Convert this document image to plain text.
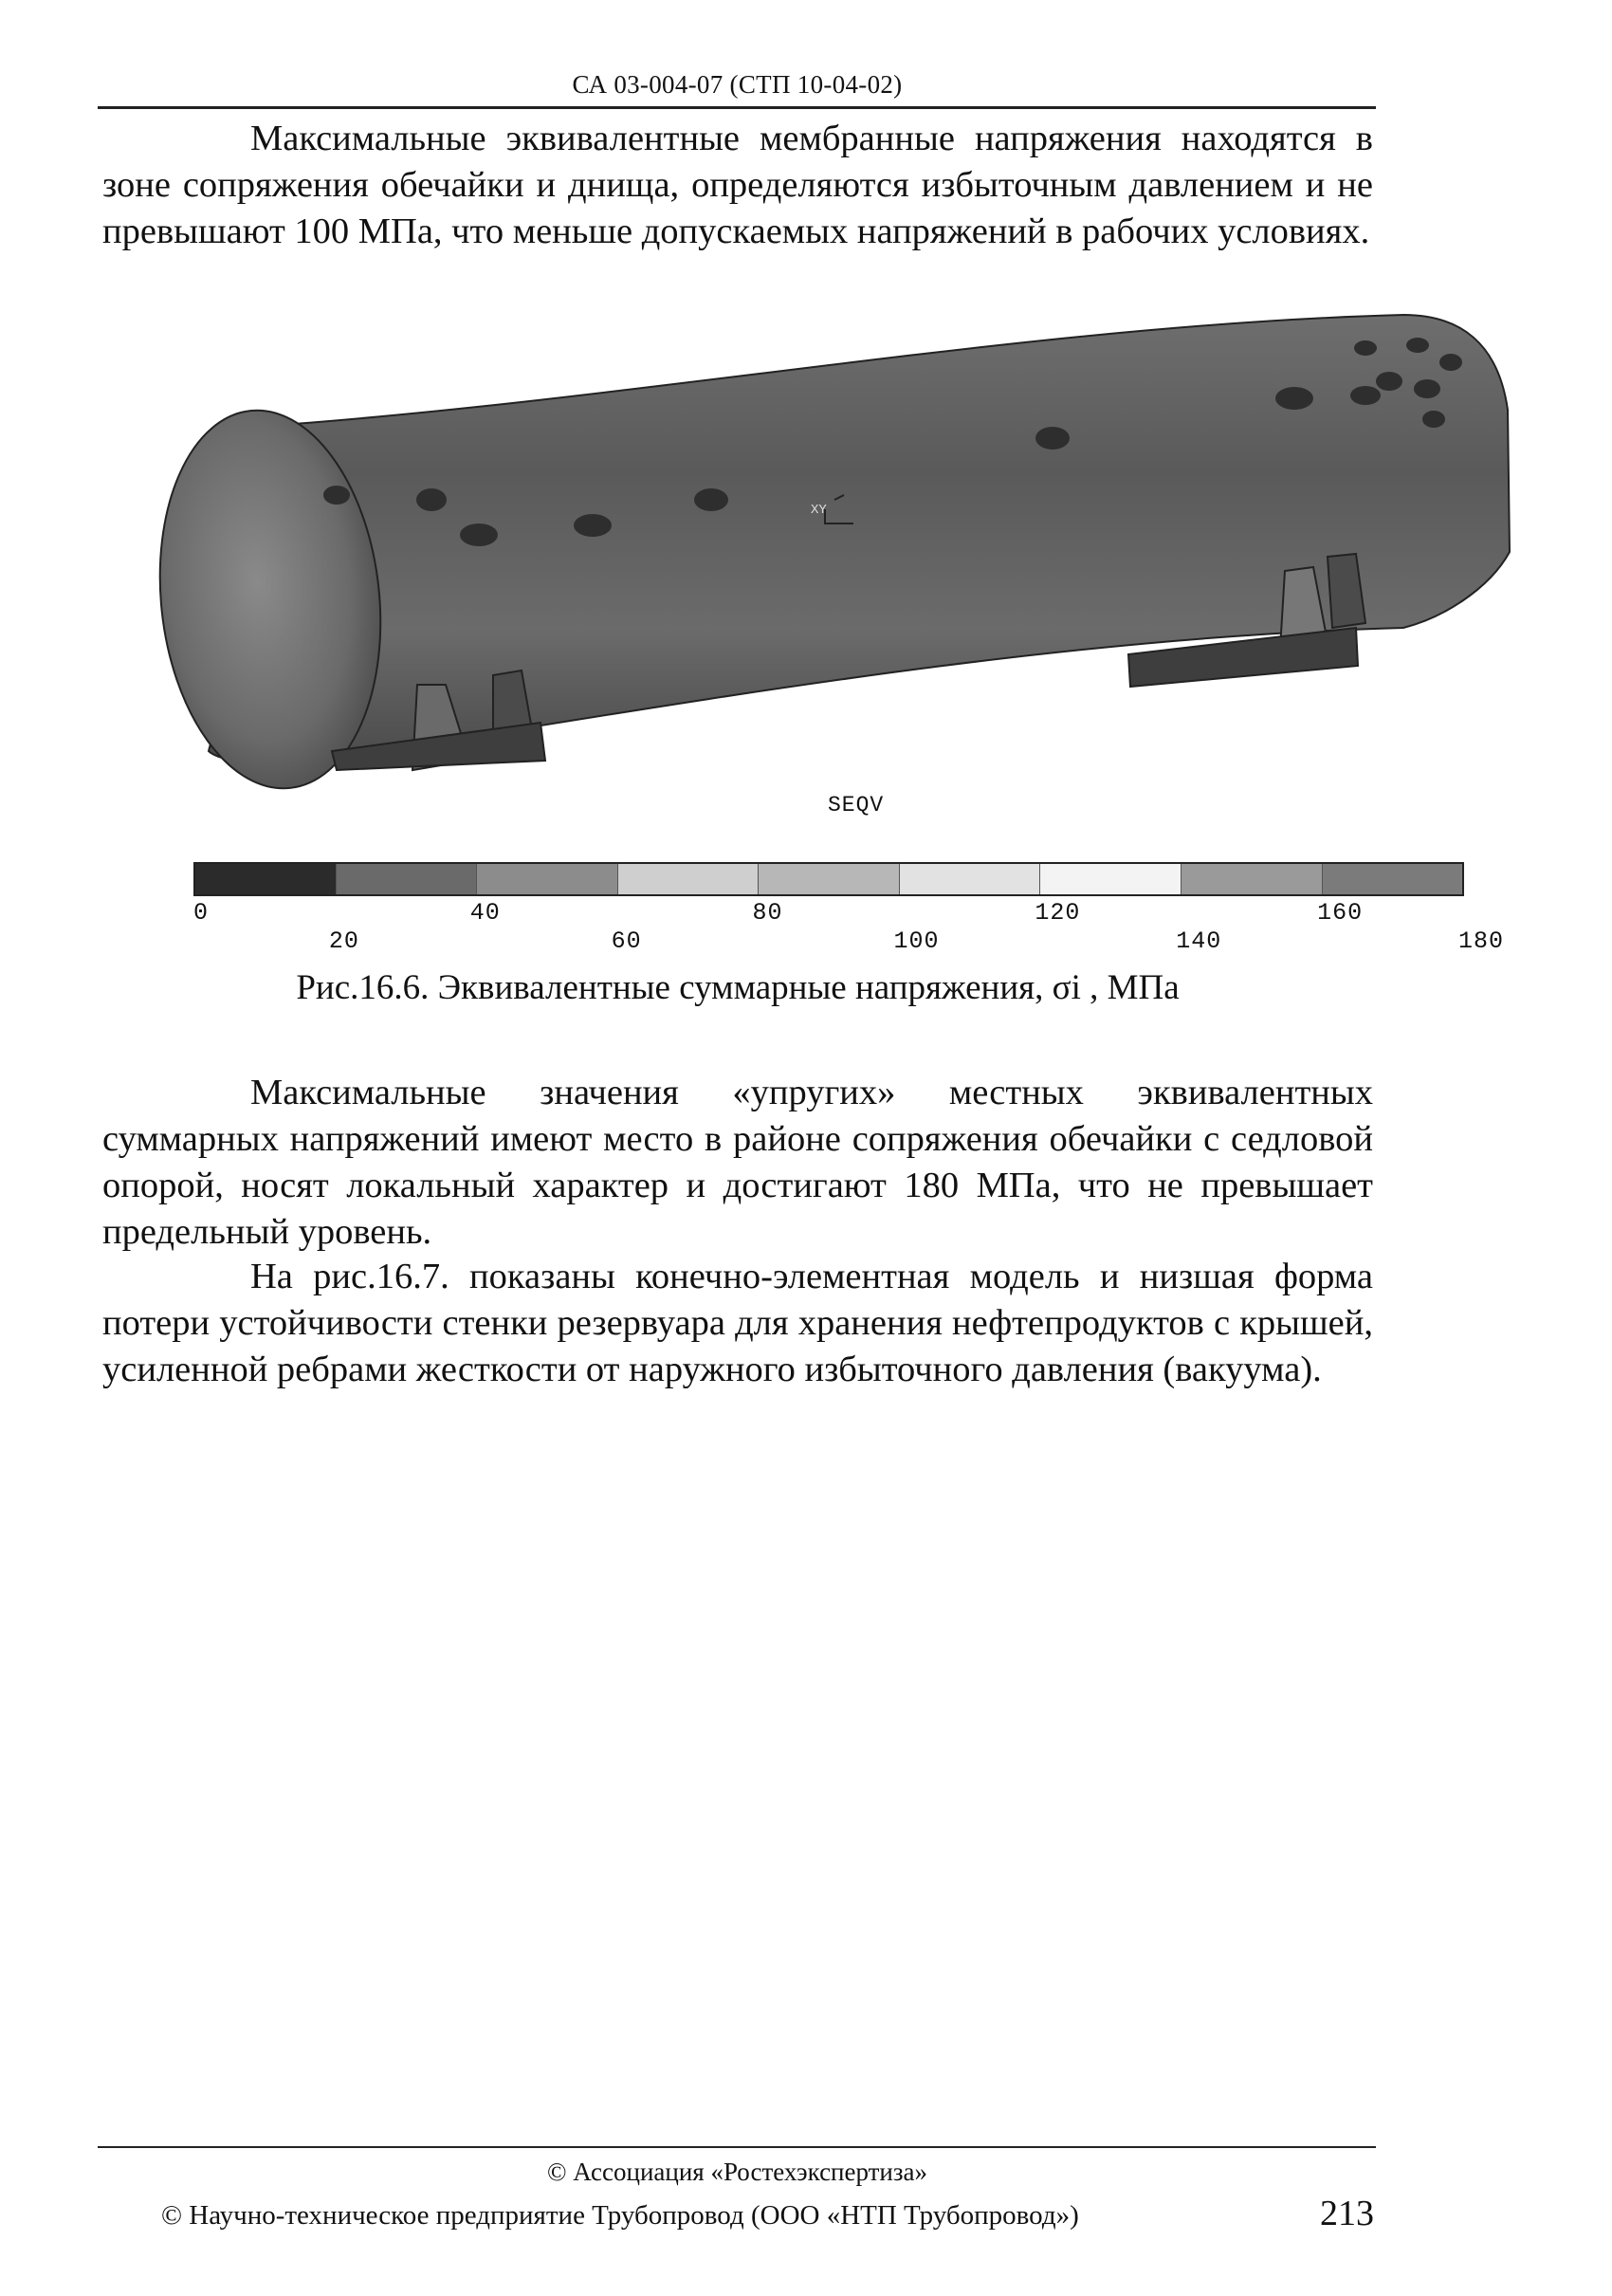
СА 03-004-07 (СТП 10-04-02)
Максимальные эквивалентные мембранные напряжения находятся в зоне сопряжения обечайки и днища, определяются избыточным давлением и не превышают 100 МПа, что меньше допускаемых напряжений в рабочих условиях.
XY
SEQV
0
20
40
60
80
100
120
140
160
180
Рис.16.6. Эквивалентные суммарные напряжения, σi , МПа
Максимальные значения «упругих» местных эквивалентных суммарных напряжений имеют место в районе сопряжения обечайки с седловой опорой, носят локальный характер и достигают 180 МПа, что не превышает предельный уровень.
На рис.16.7. показаны конечно-элементная модель и низшая форма потери устойчивости стенки резервуара для хранения нефтепродуктов с крышей, усиленной ребрами жесткости от наружного избыточного давления (вакуума).
© Ассоциация «Ростехэкспертиза»
© Научно-техническое предприятие Трубопровод (ООО «НТП Трубопровод»)	213
